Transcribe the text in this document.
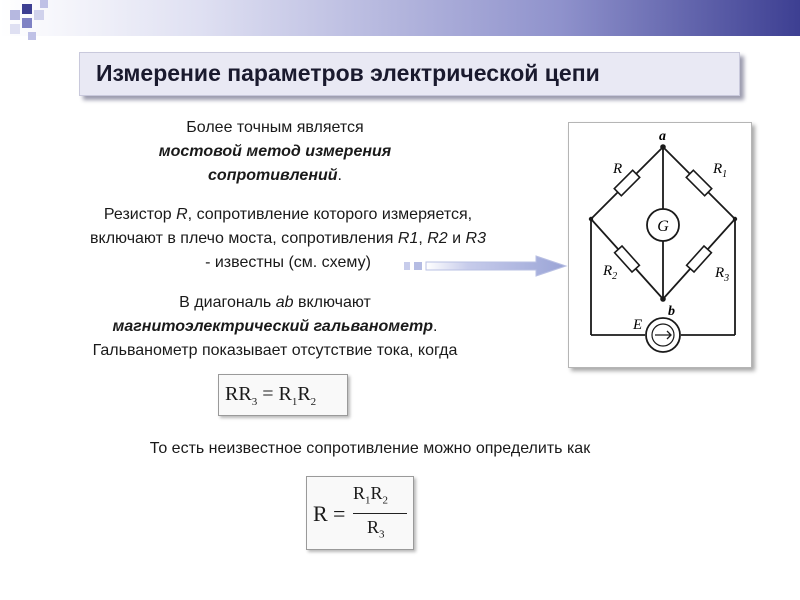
Измерение параметров электрической цепи
Более точным является
мостовой метод измерения
сопротивлений.
Резистор R, сопротивление которого измеряется,
включают в плечо моста, сопротивления R1, R2 и R3
- известны (см. схему)
В диагональ ab включают
магнитоэлектрический гальванометр.
Гальванометр показывает отсутствие тока, когда
$RR_3 = R_1R_2$
То есть неизвестное сопротивление можно определить как
R =
$R_1R_2$
$R_3$
G
E
a
b
R	$R_1$
$R_2$	$R_3$
